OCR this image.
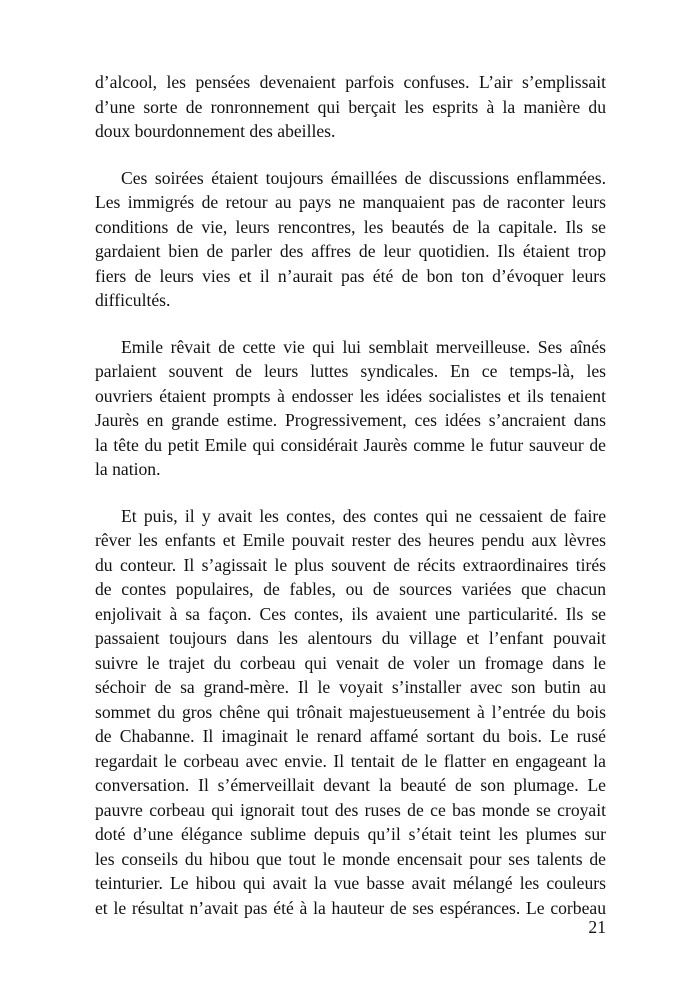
d’alcool, les pensées devenaient parfois confuses. L’air s’emplissait
d’une sorte de ronronnement qui berçait les esprits à la manière du
doux bourdonnement des abeilles.
Ces soirées étaient toujours émaillées de discussions enflammées.
Les immigrés de retour au pays ne manquaient pas de raconter leurs
conditions de vie, leurs rencontres, les beautés de la capitale. Ils se
gardaient bien de parler des affres de leur quotidien. Ils étaient trop
fiers de leurs vies et il n’aurait pas été de bon ton d’évoquer leurs
difficultés.
Emile rêvait de cette vie qui lui semblait merveilleuse. Ses aînés
parlaient souvent de leurs luttes syndicales. En ce temps-là, les
ouvriers étaient prompts à endosser les idées socialistes et ils tenaient
Jaurès en grande estime. Progressivement, ces idées s’ancraient dans
la tête du petit Emile qui considérait Jaurès comme le futur sauveur de
la nation.
Et puis, il y avait les contes, des contes qui ne cessaient de faire
rêver les enfants et Emile pouvait rester des heures pendu aux lèvres
du conteur. Il s’agissait le plus souvent de récits extraordinaires tirés
de contes populaires, de fables, ou de sources variées que chacun
enjolivait à sa façon. Ces contes, ils avaient une particularité. Ils se
passaient toujours dans les alentours du village et l’enfant pouvait
suivre le trajet du corbeau qui venait de voler un fromage dans le
séchoir de sa grand-mère. Il le voyait s’installer avec son butin au
sommet du gros chêne qui trônait majestueusement à l’entrée du bois
de Chabanne. Il imaginait le renard affamé sortant du bois. Le rusé
regardait le corbeau avec envie. Il tentait de le flatter en engageant la
conversation. Il s’émerveillait devant la beauté de son plumage. Le
pauvre corbeau qui ignorait tout des ruses de ce bas monde se croyait
doté d’une élégance sublime depuis qu’il s’était teint les plumes sur
les conseils du hibou que tout le monde encensait pour ses talents de
teinturier. Le hibou qui avait la vue basse avait mélangé les couleurs
et le résultat n’avait pas été à la hauteur de ses espérances. Le corbeau
21
